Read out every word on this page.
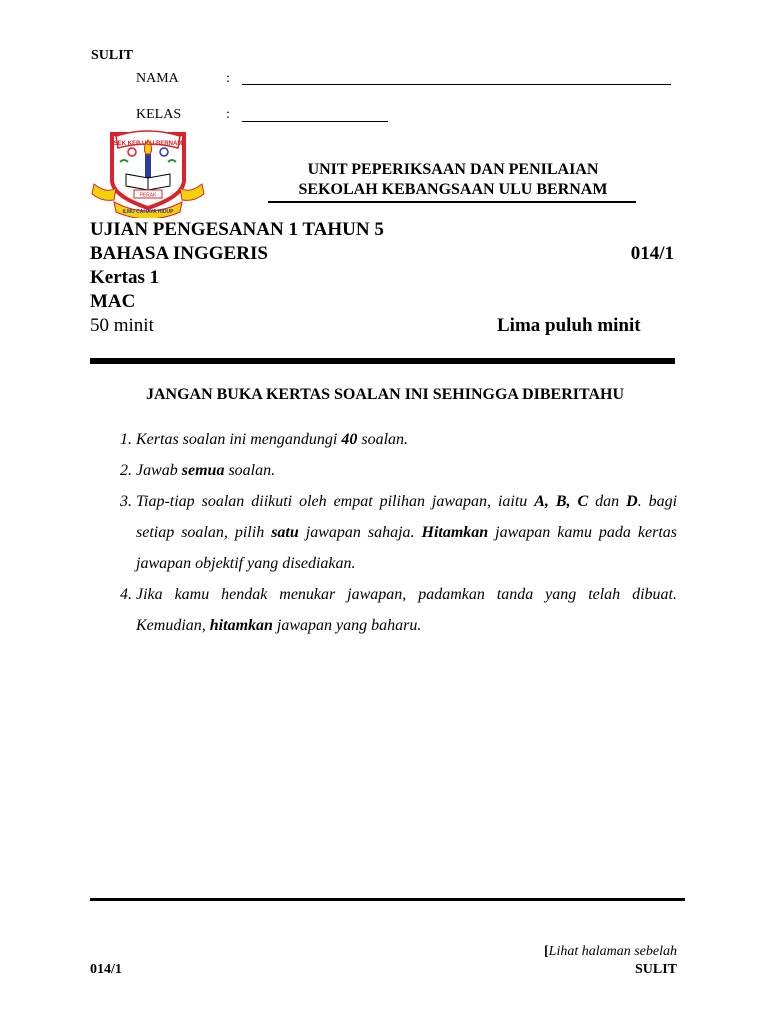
SULIT
NAMA	:
KELAS	:
SEK KEB ULU BERNAM
PERAK
ILMU CAHAYA HIDUP
UNIT PEPERIKSAAN DAN PENILAIAN
SEKOLAH KEBANGSAAN ULU BERNAM
UJIAN PENGESANAN 1 TAHUN 5
BAHASA INGGERIS	014/1
Kertas 1
MAC
50 minit	Lima puluh minit
JANGAN BUKA KERTAS SOALAN INI SEHINGGA DIBERITAHU
1. Kertas soalan ini mengandungi 40 soalan.
2. Jawab semua soalan.
3. Tiap-tiap soalan diikuti oleh empat pilihan jawapan, iaitu A, B, C dan D. bagi setiap soalan, pilih satu jawapan sahaja. Hitamkan jawapan kamu pada kertas jawapan objektif yang disediakan.
4. Jika kamu hendak menukar jawapan, padamkan tanda yang telah dibuat. Kemudian, hitamkan jawapan yang baharu.
[Lihat halaman sebelah
014/1	SULIT
